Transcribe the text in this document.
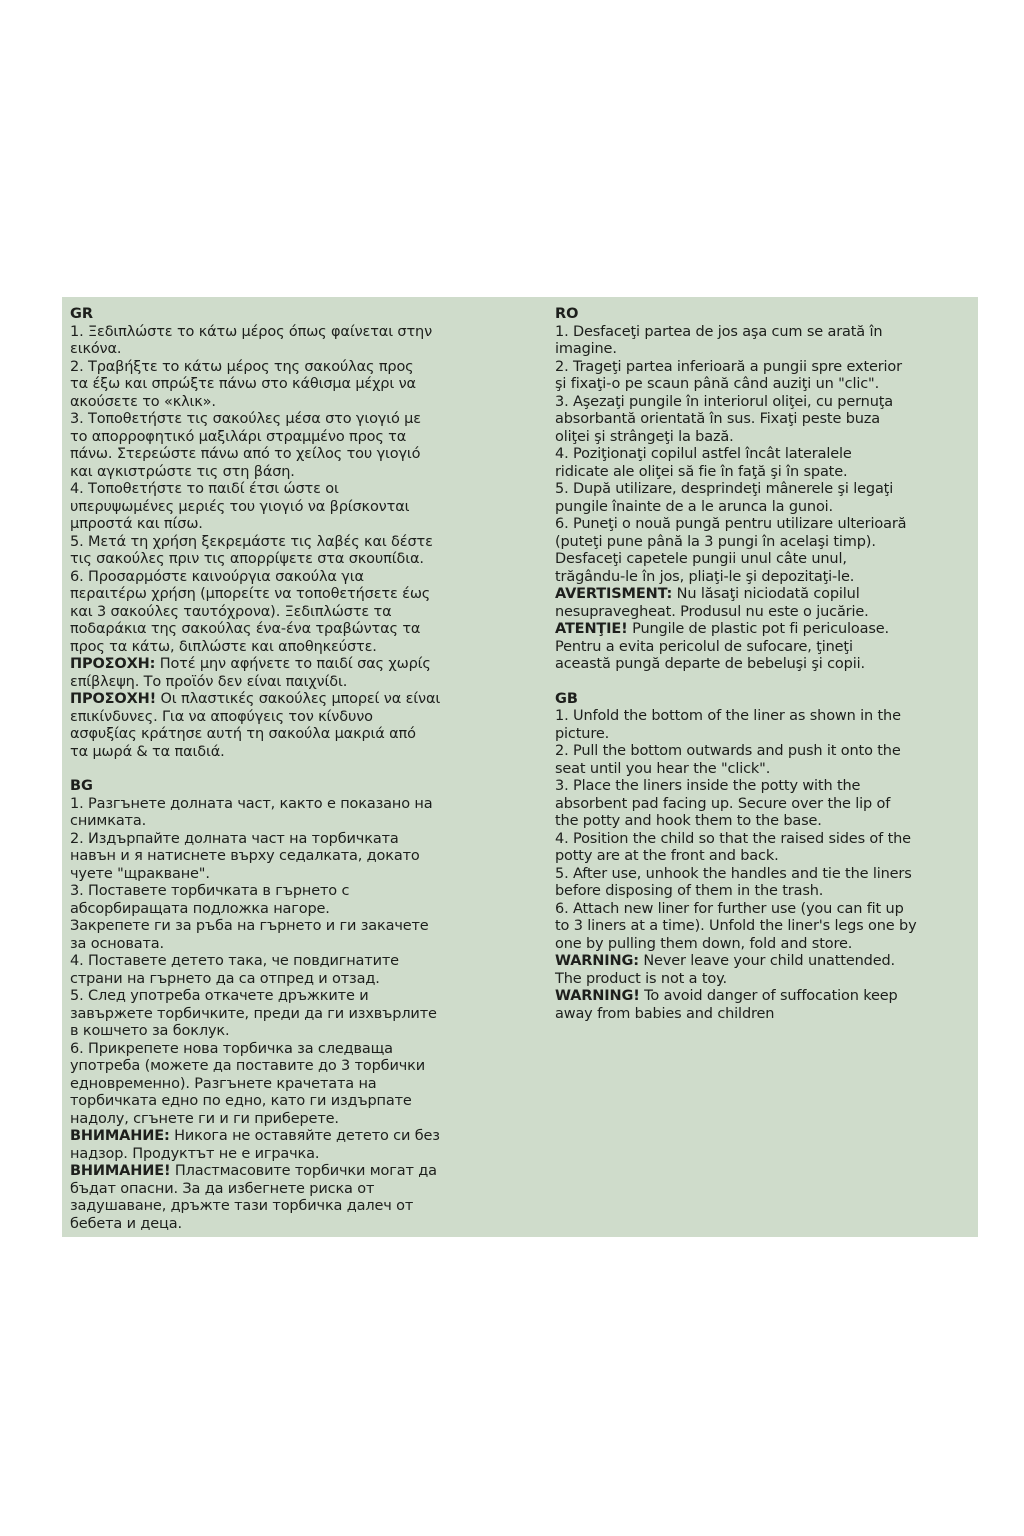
GR

1. Ξεδιπλώστε το κάτω μέρος όπως φαίνεται στην

εικόνα.

2. Τραβήξτε το κάτω μέρος της σακούλας προς

τα έξω και σπρώξτε πάνω στο κάθισμα μέχρι να

ακούσετε το «κλικ».

3. Τοποθετήστε τις σακούλες μέσα στο γιογιό με

το απορροφητικό μαξιλάρι στραμμένο προς τα

πάνω. Στερεώστε πάνω από το χείλος του γιογιό

και αγκιστρώστε τις στη βάση.

4. Τοποθετήστε το παιδί έτσι ώστε οι

υπερυψωμένες μεριές του γιογιό να βρίσκονται

μπροστά και πίσω.

5. Μετά τη χρήση ξεκρεμάστε τις λαβές και δέστε

τις σακούλες πριν τις απορρίψετε στα σκουπίδια.

6. Προσαρμόστε καινούργια σακούλα για

περαιτέρω χρήση (μπορείτε να τοποθετήσετε έως

και 3 σακούλες ταυτόχρονα). Ξεδιπλώστε τα

ποδαράκια της σακούλας ένα-ένα τραβώντας τα

προς τα κάτω, διπλώστε και αποθηκεύστε.

ΠΡΟΣΟΧΗ: Ποτέ μην αφήνετε το παιδί σας χωρίς

επίβλεψη. Το προϊόν δεν είναι παιχνίδι.

ΠΡΟΣΟΧΗ! Οι πλαστικές σακούλες μπορεί να είναι

επικίνδυνες. Για να αποφύγεις τον κίνδυνο

ασφυξίας κράτησε αυτή τη σακούλα μακριά από

τα μωρά & τα παιδιά.

BG

1. Разгънете долната част, както е показано на

снимката.

2. Издърпайте долната част на торбичката

навън и я натиснете върху седалката, докато

чуете "щракване".

3. Поставете торбичката в гърнето с

абсорбиращата подложка нагоре.

Закрепете ги за ръба на гърнето и ги закачете

за основата.

4. Поставете детето така, че повдигнатите

страни на гърнето да са отпред и отзад.

5. След употреба откачете дръжките и

завържете торбичките, преди да ги изхвърлите

в кошчето за боклук.

6. Прикрепете нова торбичка за следваща

употреба (можете да поставите до 3 торбички

едновременно). Разгънете крачетата на

торбичката едно по едно, като ги издърпате

надолу, сгънете ги и ги приберете.

ВНИМАНИЕ: Никога не оставяйте детето си без

надзор. Продуктът не е играчка.

ВНИМАНИЕ! Пластмасовите торбички могат да

бъдат опасни. За да избегнете риска от

задушаване, дръжте тази торбичка далеч от

бебета и деца.

RO

1. Desfaceţi partea de jos aşa cum se arată în

imagine.

2. Trageţi partea inferioară a pungii spre exterior

şi fixaţi-o pe scaun până când auziţi un "clic".

3. Aşezaţi pungile în interiorul oliţei, cu pernuţa

absorbantă orientată în sus. Fixaţi peste buza

oliţei şi strângeţi la bază.

4. Poziţionaţi copilul astfel încât lateralele

ridicate ale oliţei să fie în faţă şi în spate.

5. După utilizare, desprindeţi mânerele şi legaţi

pungile înainte de a le arunca la gunoi.

6. Puneţi o nouă pungă pentru utilizare ulterioară

(puteţi pune până la 3 pungi în acelaşi timp).

Desfaceţi capetele pungii unul câte unul,

trăgându-le în jos, pliaţi-le şi depozitaţi-le.

AVERTISMENT: Nu lăsaţi niciodată copilul

nesupravegheat. Produsul nu este o jucărie.

ATENŢIE! Pungile de plastic pot fi periculoase.

Pentru a evita pericolul de sufocare, ţineţi

această pungă departe de bebeluşi şi copii.

GB

1. Unfold the bottom of the liner as shown in the

picture.

2. Pull the bottom outwards and push it onto the

seat until you hear the "click".

3. Place the liners inside the potty with the

absorbent pad facing up. Secure over the lip of

the potty and hook them to the base.

4. Position the child so that the raised sides of the

potty are at the front and back.

5. After use, unhook the handles and tie the liners

before disposing of them in the trash.

6. Attach new liner for further use (you can fit up

to 3 liners at a time). Unfold the liner's legs one by

one by pulling them down, fold and store.

WARNING: Never leave your child unattended.

The product is not a toy.

WARNING! To avoid danger of suffocation keep

away from babies and children
